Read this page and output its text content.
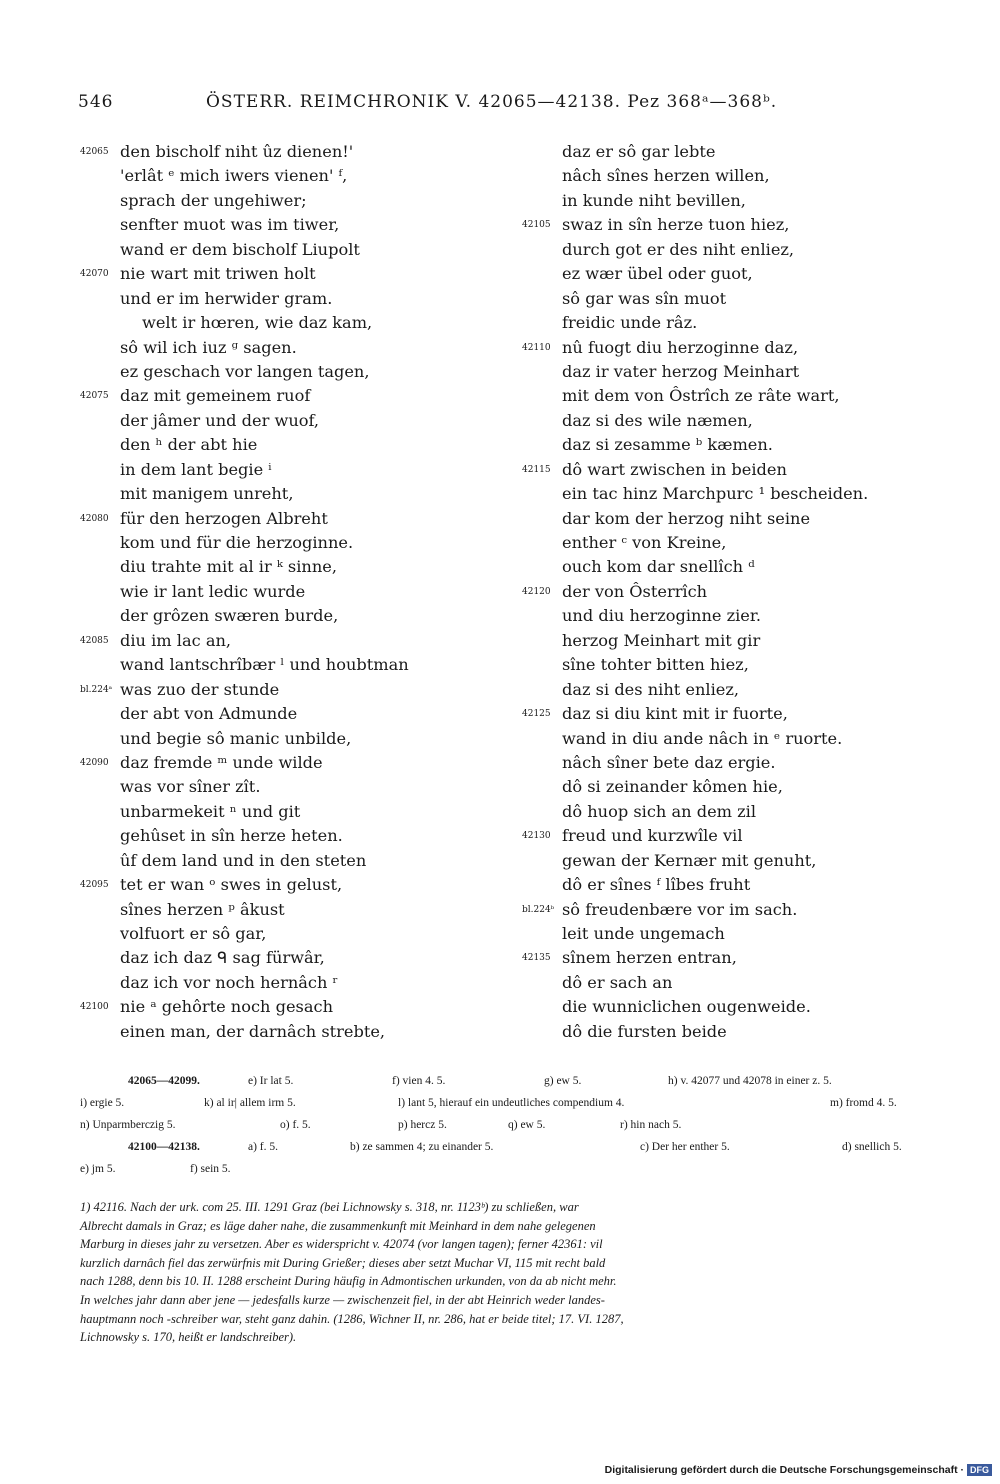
546	ÖSTERR. REIMCHRONIK V. 42065—42138. Pez 368ᵃ—368ᵇ.
42065 den bischolf niht ûz dienen!'
'erlât ᵉ mich iwers vienen' ᶠ,
sprach der ungehiwer;
senfter muot was im tiwer,
wand er dem bischolf Liupolt
42070 nie wart mit triwen holt
und er im herwider gram.
welt ir hœren, wie daz kam,
sô wil ich iuz ᵍ sagen.
ez geschach vor langen tagen,
42075 daz mit gemeinem ruof
der jâmer und der wuof,
den ʰ der abt hie
in dem lant begie ⁱ
mit manigem unreht,
42080 für den herzogen Albreht
kom und für die herzoginne.
diu trahte mit al ir ᵏ sinne,
wie ir lant ledic wurde
der grôzen swæren burde,
42085 diu im lac an,
wand lantschrîbær ˡ und houbtman
bl.224ᵃ was zuo der stunde
der abt von Admunde
und begie sô manic unbilde,
42090 daz fremde ᵐ unde wilde
was vor sîner zît.
unbarmekeit ⁿ und git
gehûset in sîn herze heten.
ûf dem land und in den steten
42095 tet er wan ᵒ swes in gelust,
sînes herzen ᵖ âkust
volfuort er sô gar,
daz ich daz ᑫ sag fürwâr,
daz ich vor noch hernâch ʳ
42100 nie ᵃ gehôrte noch gesach
einen man, der darnâch strebte,
daz er sô gar lebte
nâch sînes herzen willen,
in kunde niht bevillen,
42105 swaz in sîn herze tuon hiez,
durch got er des niht enliez,
ez wær übel oder guot,
sô gar was sîn muot
freidic unde râz.
42110 nû fuogt diu herzoginne daz,
daz ir vater herzog Meinhart
mit dem von Ôstrîch ze râte wart,
daz si des wile næmen,
daz si zesamme ᵇ kæmen.
42115 dô wart zwischen in beiden
ein tac hinz Marchpurc ¹ bescheiden.
dar kom der herzog niht seine
enther ᶜ von Kreine,
ouch kom dar snellîch ᵈ
42120 der von Ôsterrîch
und diu herzoginne zier.
herzog Meinhart mit gir
sîne tohter bitten hiez,
daz si des niht enliez,
42125 daz si diu kint mit ir fuorte,
wand in diu ande nâch in ᵉ ruorte.
nâch sîner bete daz ergie.
dô si zeinander kômen hie,
dô huop sich an dem zil
42130 freud und kurzwîle vil
gewan der Kernær mit genuht,
dô er sînes ᶠ lîbes fruht
bl.224ᵇ sô freudenbære vor im sach.
leit unde ungemach
42135 sînem herzen entran,
dô er sach an
die wunniclichen ougenweide.
dô die fursten beide
42065—42099.	e) Ir lat 5.	f) vien 4. 5.	g) ew 5.	h) v. 42077 und 42078 in einer z. 5.
i) ergie 5.	k) al ir| allem irm 5.	l) lant 5, hierauf ein undeutliches compendium 4.	m) fromd 4. 5.
n) Unparmberczig 5.	o) f. 5.	p) hercz 5.	q) ew 5.	r) hin nach 5.
42100—42138.	a) f. 5.	b) ze sammen 4; zu einander 5.	c) Der her enther 5.	d) snellich 5.
e) jm 5.	f) sein 5.

1) 42116. Nach der urk. com 25. III. 1291 Graz (bei Lichnowsky s. 318, nr. 1123ᵇ) zu schließen, war

Albrecht damals in Graz; es läge daher nahe, die zusammenkunft mit Meinhard in dem nahe gelegenen

Marburg in dieses jahr zu versetzen. Aber es widerspricht v. 42074 (vor langen tagen); ferner 42361: vil

kurzlich darnâch fiel das zerwürfnis mit During Grießer; dieses aber setzt Muchar VI, 115 mit recht bald

nach 1288, denn bis 10. II. 1288 erscheint During häufig in Admontischen urkunden, von da ab nicht mehr.

In welches jahr dann aber jene — jedesfalls kurze — zwischenzeit fiel, in der abt Heinrich weder landes-

hauptmann noch -schreiber war, steht ganz dahin. (1286, Wichner II, nr. 286, hat er beide titel; 17. VI. 1287,

Lichnowsky s. 170, heißt er landschreiber).

Digitalisierung gefördert durch die Deutsche Forschungsgemeinschaft · DFG
